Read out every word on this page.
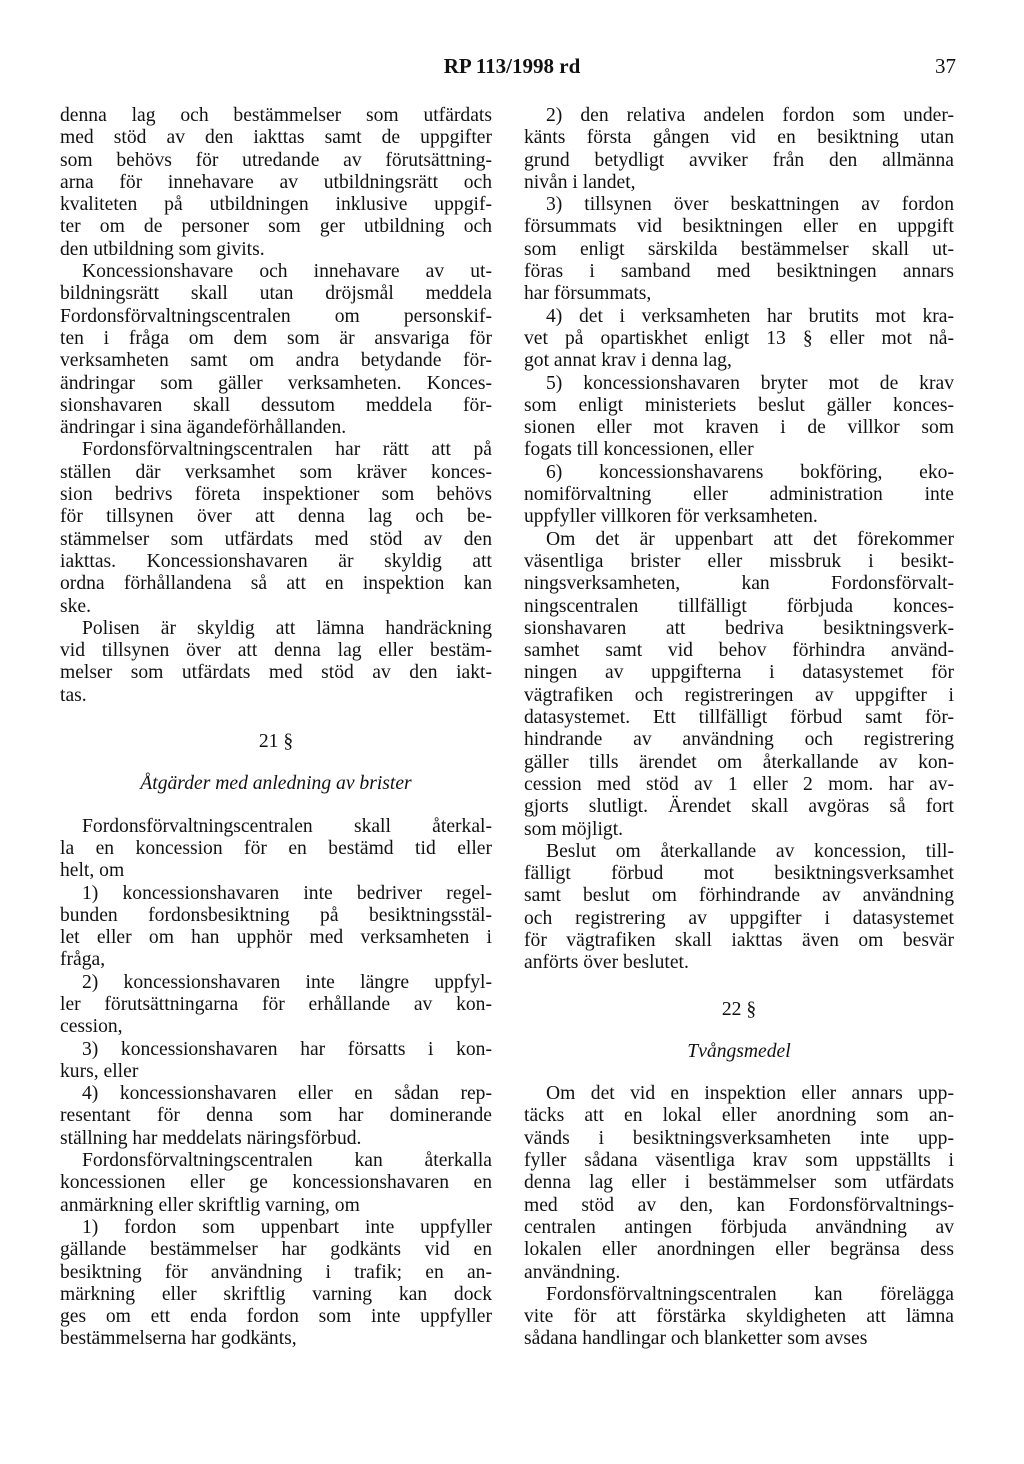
RP 113/1998 rd	37
denna lag och bestämmelser som utfärdats
med stöd av den iakttas samt de uppgifter
som behövs för utredande av förutsättning-
arna för innehavare av utbildningsrätt och
kvaliteten på utbildningen inklusive uppgif-
ter om de personer som ger utbildning och
den utbildning som givits.
Koncessionshavare och innehavare av ut-
bildningsrätt skall utan dröjsmål meddela
Fordonsförvaltningscentralen om personskif-
ten i fråga om dem som är ansvariga för
verksamheten samt om andra betydande för-
ändringar som gäller verksamheten. Konces-
sionshavaren skall dessutom meddela för-
ändringar i sina ägandeförhållanden.
Fordonsförvaltningscentralen har rätt att på
ställen där verksamhet som kräver konces-
sion bedrivs företa inspektioner som behövs
för tillsynen över att denna lag och be-
stämmelser som utfärdats med stöd av den
iakttas. Koncessionshavaren är skyldig att
ordna förhållandena så att en inspektion kan
ske.
Polisen är skyldig att lämna handräckning
vid tillsynen över att denna lag eller bestäm-
melser som utfärdats med stöd av den iakt-
tas.
21 §
Åtgärder med anledning av brister
Fordonsförvaltningscentralen skall återkal-
la en koncession för en bestämd tid eller
helt, om
1) koncessionshavaren inte bedriver regel-
bunden fordonsbesiktning på besiktningsstäl-
let eller om han upphör med verksamheten i
fråga,
2) koncessionshavaren inte längre uppfyl-
ler förutsättningarna för erhållande av kon-
cession,
3) koncessionshavaren har försatts i kon-
kurs, eller
4) koncessionshavaren eller en sådan rep-
resentant för denna som har dominerande
ställning har meddelats näringsförbud.
Fordonsförvaltningscentralen kan återkalla
koncessionen eller ge koncessionshavaren en
anmärkning eller skriftlig varning, om
1) fordon som uppenbart inte uppfyller
gällande bestämmelser har godkänts vid en
besiktning för användning i trafik; en an-
märkning eller skriftlig varning kan dock
ges om ett enda fordon som inte uppfyller
bestämmelserna har godkänts,
2) den relativa andelen fordon som under-
känts första gången vid en besiktning utan
grund betydligt avviker från den allmänna
nivån i landet,
3) tillsynen över beskattningen av fordon
försummats vid besiktningen eller en uppgift
som enligt särskilda bestämmelser skall ut-
föras i samband med besiktningen annars
har försummats,
4) det i verksamheten har brutits mot kra-
vet på opartiskhet enligt 13 § eller mot nå-
got annat krav i denna lag,
5) koncessionshavaren bryter mot de krav
som enligt ministeriets beslut gäller konces-
sionen eller mot kraven i de villkor som
fogats till koncessionen, eller
6) koncessionshavarens bokföring, eko-
nomiförvaltning eller administration inte
uppfyller villkoren för verksamheten.
Om det är uppenbart att det förekommer
väsentliga brister eller missbruk i besikt-
ningsverksamheten, kan Fordonsförvalt-
ningscentralen tillfälligt förbjuda konces-
sionshavaren att bedriva besiktningsverk-
samhet samt vid behov förhindra använd-
ningen av uppgifterna i datasystemet för
vägtrafiken och registreringen av uppgifter i
datasystemet. Ett tillfälligt förbud samt för-
hindrande av användning och registrering
gäller tills ärendet om återkallande av kon-
cession med stöd av 1 eller 2 mom. har av-
gjorts slutligt. Ärendet skall avgöras så fort
som möjligt.
Beslut om återkallande av koncession, till-
fälligt förbud mot besiktningsverksamhet
samt beslut om förhindrande av användning
och registrering av uppgifter i datasystemet
för vägtrafiken skall iakttas även om besvär
anförts över beslutet.
22 §
Tvångsmedel
Om det vid en inspektion eller annars upp-
täcks att en lokal eller anordning som an-
vänds i besiktningsverksamheten inte upp-
fyller sådana väsentliga krav som uppställts i
denna lag eller i bestämmelser som utfärdats
med stöd av den, kan Fordonsförvaltnings-
centralen antingen förbjuda användning av
lokalen eller anordningen eller begränsa dess
användning.
Fordonsförvaltningscentralen kan förelägga
vite för att förstärka skyldigheten att lämna
sådana handlingar och blanketter som avses
